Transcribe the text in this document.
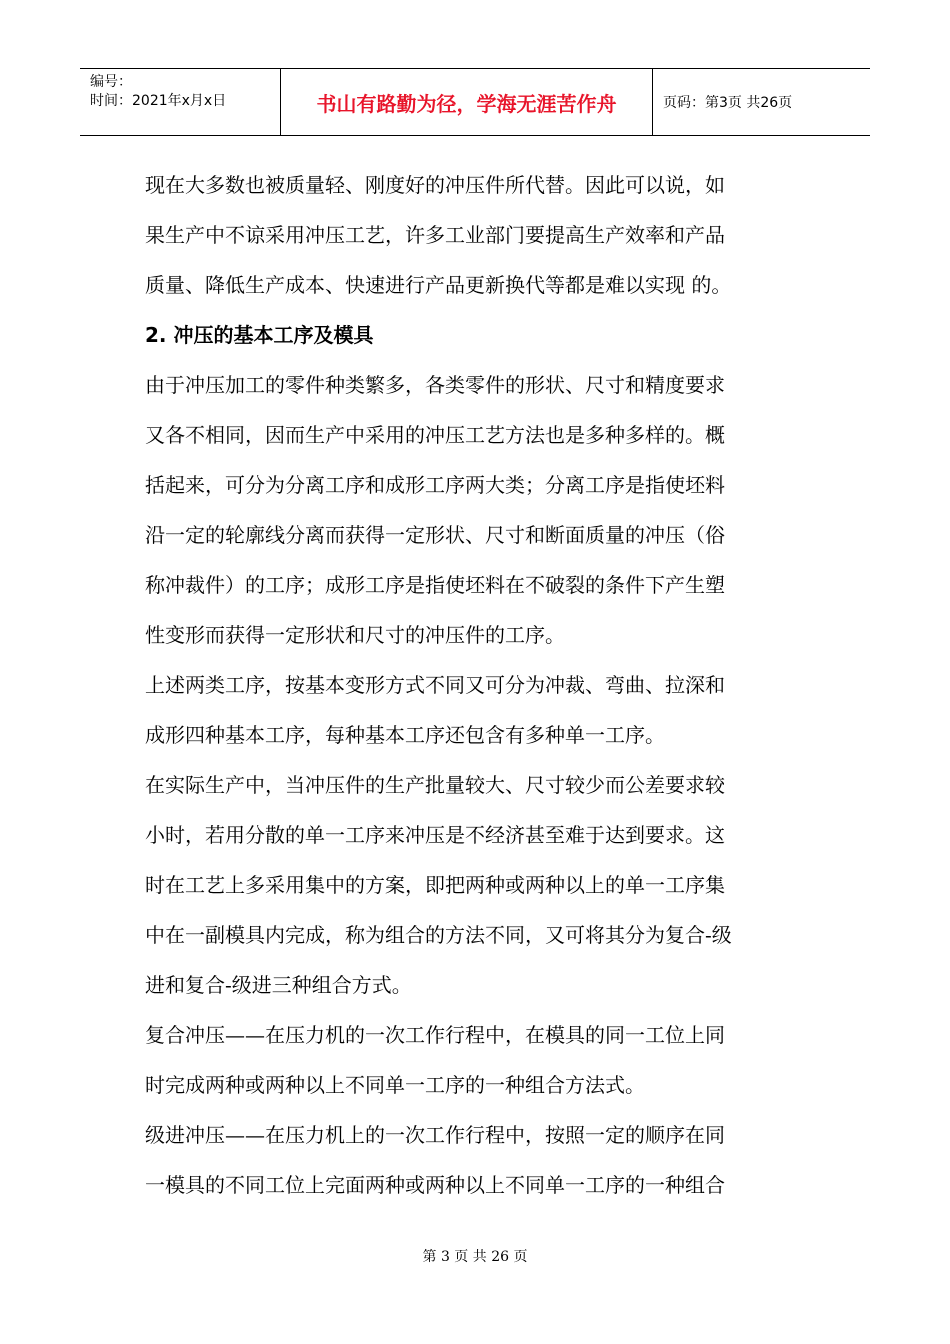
编号：
时间：2021年x月x日	书山有路勤为径，学海无涯苦作舟	页码：第3页 共26页
现在大多数也被质量轻、刚度好的冲压件所代替。因此可以说，如
果生产中不谅采用冲压工艺，许多工业部门要提高生产效率和产品
质量、降低生产成本、快速进行产品更新换代等都是难以实现 的。
2. 冲压的基本工序及模具
由于冲压加工的零件种类繁多，各类零件的形状、尺寸和精度要求
又各不相同，因而生产中采用的冲压工艺方法也是多种多样的。概
括起来，可分为分离工序和成形工序两大类；分离工序是指使坯料
沿一定的轮廓线分离而获得一定形状、尺寸和断面质量的冲压（俗
称冲裁件）的工序；成形工序是指使坯料在不破裂的条件下产生塑
性变形而获得一定形状和尺寸的冲压件的工序。
上述两类工序，按基本变形方式不同又可分为冲裁、弯曲、拉深和
成形四种基本工序，每种基本工序还包含有多种单一工序。
在实际生产中，当冲压件的生产批量较大、尺寸较少而公差要求较
小时，若用分散的单一工序来冲压是不经济甚至难于达到要求。这
时在工艺上多采用集中的方案，即把两种或两种以上的单一工序集
中在一副模具内完成，称为组合的方法不同，又可将其分为复合-级
进和复合-级进三种组合方式。
复合冲压——在压力机的一次工作行程中，在模具的同一工位上同
时完成两种或两种以上不同单一工序的一种组合方法式。
级进冲压——在压力机上的一次工作行程中，按照一定的顺序在同
一模具的不同工位上完面两种或两种以上不同单一工序的一种组合
第 3 页 共 26 页
